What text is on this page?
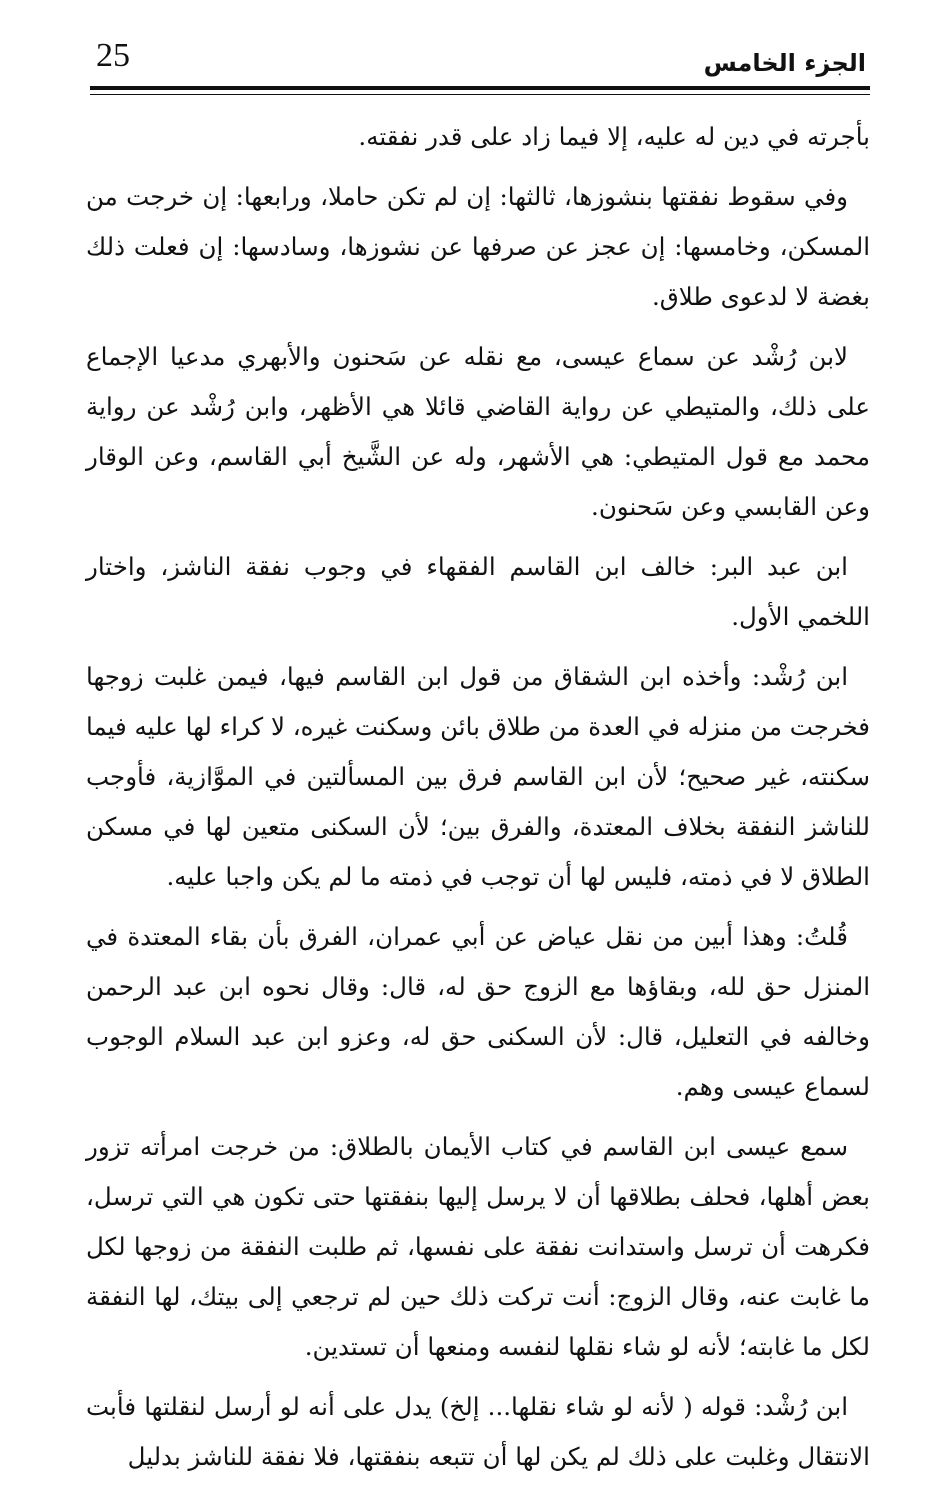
25	الجزء الخامس

بأجرته في دين له عليه، إلا فيما زاد على قدر نفقته.

وفي سقوط نفقتها بنشوزها، ثالثها: إن لم تكن حاملا، ورابعها: إن خرجت من المسكن، وخامسها: إن عجز عن صرفها عن نشوزها، وسادسها: إن فعلت ذلك بغضة لا لدعوى طلاق.

لابن رُشْد عن سماع عيسى، مع نقله عن سَحنون والأبهري مدعيا الإجماع على ذلك، والمتيطي عن رواية القاضي قائلا هي الأظهر، وابن رُشْد عن رواية محمد مع قول المتيطي: هي الأشهر، وله عن الشَّيخ أبي القاسم، وعن الوقار وعن القابسي وعن سَحنون.

ابن عبد البر: خالف ابن القاسم الفقهاء في وجوب نفقة الناشز، واختار اللخمي الأول.

ابن رُشْد: وأخذه ابن الشقاق من قول ابن القاسم فيها، فيمن غلبت زوجها فخرجت من منزله في العدة من طلاق بائن وسكنت غيره، لا كراء لها عليه فيما سكنته، غير صحيح؛ لأن ابن القاسم فرق بين المسألتين في الموَّازية، فأوجب للناشز النفقة بخلاف المعتدة، والفرق بين؛ لأن السكنى متعين لها في مسكن الطلاق لا في ذمته، فليس لها أن توجب في ذمته ما لم يكن واجبا عليه.

قُلتُ: وهذا أبين من نقل عياض عن أبي عمران، الفرق بأن بقاء المعتدة في المنزل حق لله، وبقاؤها مع الزوج حق له، قال: وقال نحوه ابن عبد الرحمن وخالفه في التعليل، قال: لأن السكنى حق له، وعزو ابن عبد السلام الوجوب لسماع عيسى وهم.

سمع عيسى ابن القاسم في كتاب الأيمان بالطلاق: من خرجت امرأته تزور بعض أهلها، فحلف بطلاقها أن لا يرسل إليها بنفقتها حتى تكون هي التي ترسل، فكرهت أن ترسل واستدانت نفقة على نفسها، ثم طلبت النفقة من زوجها لكل ما غابت عنه، وقال الزوج: أنت تركت ذلك حين لم ترجعي إلى بيتك، لها النفقة لكل ما غابته؛ لأنه لو شاء نقلها لنفسه ومنعها أن تستدين.

ابن رُشْد: قوله ( لأنه لو شاء نقلها... إلخ) يدل على أنه لو أرسل لنقلتها فأبت الانتقال وغلبت على ذلك لم يكن لها أن تتبعه بنفقتها، فلا نفقة للناشز بدليل
